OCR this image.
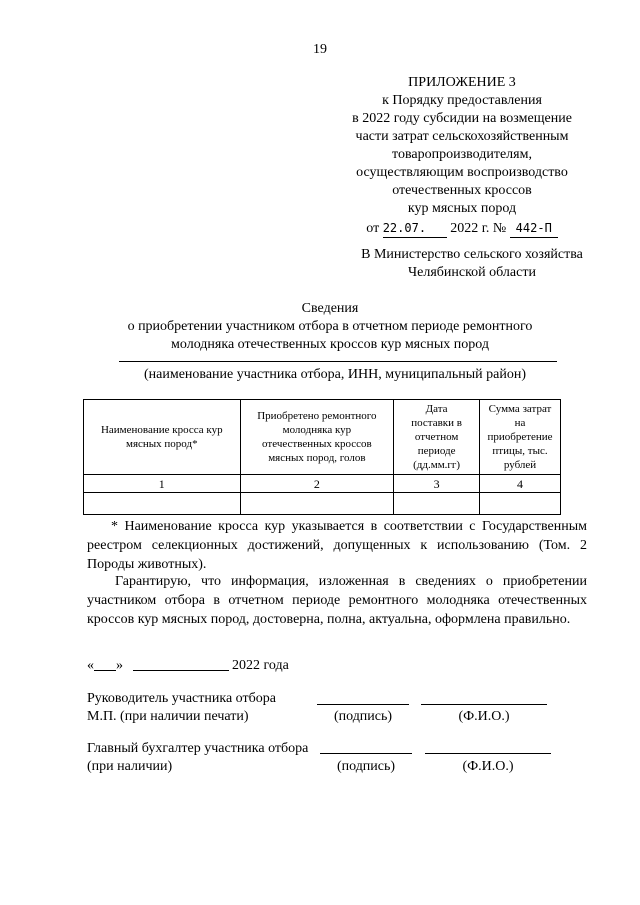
19
ПРИЛОЖЕНИЕ 3
к Порядку предоставления
в 2022 году субсидии на возмещение
части затрат сельскохозяйственным
товаропроизводителям,
осуществляющим воспроизводство
отечественных кроссов
кур мясных пород
от 22.07. 2022 г. № 442-П
В Министерство сельского хозяйства
Челябинской области
Сведения
о приобретении участником отбора в отчетном периоде ремонтного
молодняка отечественных кроссов кур мясных пород
(наименование участника отбора, ИНН, муниципальный район)
Наименование кросса кур мясных пород*	Приобретено ремонтного молодняка кур отечественных кроссов мясных пород, голов	Дата поставки в отчетном периоде (дд.мм.гг)	Сумма затрат на приобретение птицы, тыс. рублей
1	2	3	4

* Наименование кросса кур указывается в соответствии с Государственным реестром селекционных достижений, допущенных к использованию (Том. 2 Породы животных).
Гарантирую, что информация, изложенная в сведениях о приобретении участником отбора в отчетном периоде ремонтного молодняка отечественных кроссов кур мясных пород, достоверна, полна, актуальна, оформлена правильно.
« »	2022 года
Руководитель участника отбора
М.П. (при наличии печати)	(подпись)	(Ф.И.О.)
Главный бухгалтер участника отбора
(при наличии)	(подпись)	(Ф.И.О.)
